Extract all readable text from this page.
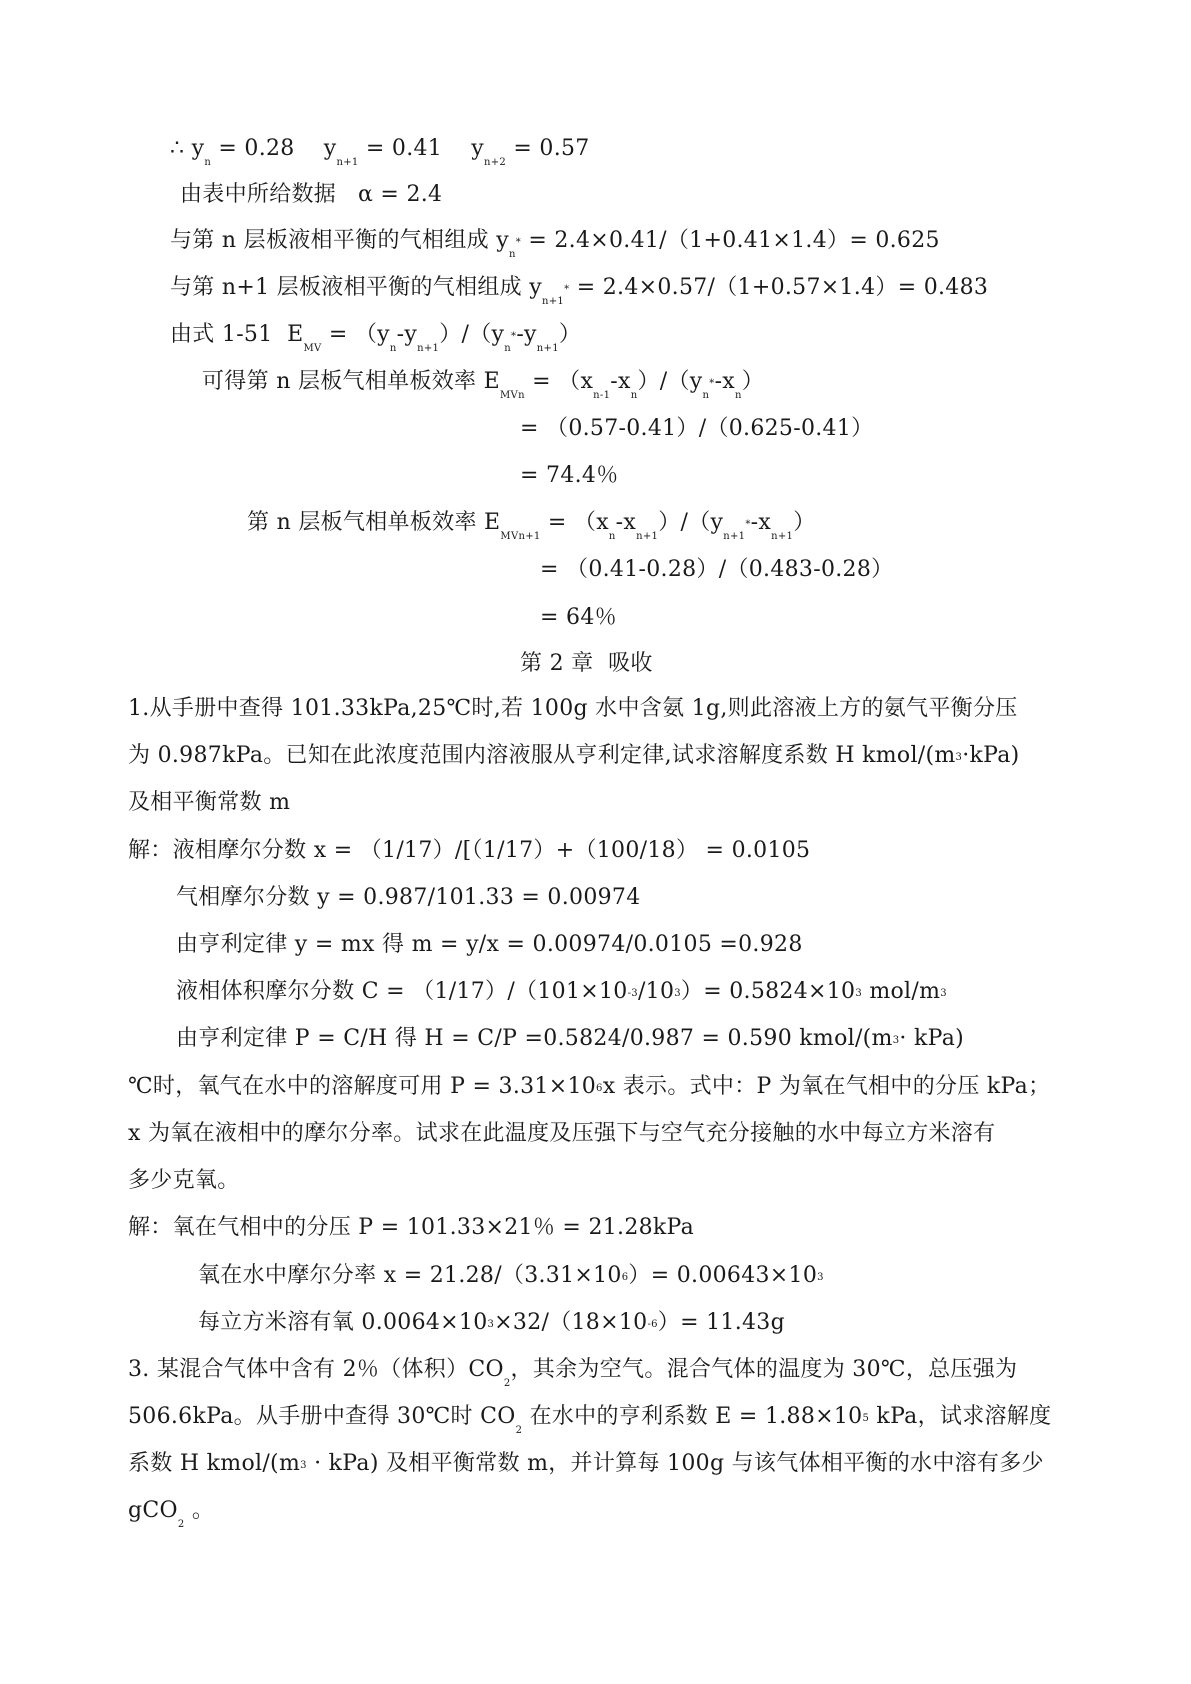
∴ $y_n = 0.28$    $y_{n+1} = 0.41$    $y_{n+2} = 0.57$
由表中所给数据   α = 2.4
与第 n 层板液相平衡的气相组成 $y_n^* = 2.4\times 0.41/(1+0.41\times 1.4)= 0.625$
与第 n+1 层板液相平衡的气相组成 $y_{n+1}^* = 2.4\times 0.57/(1+0.57\times 1.4)= 0.483$
由式 1-51  $E_{MV} = (y_n-y_{n+1})/(y_n^*-y_{n+1})$
可得第 n 层板气相单板效率 $E_{MVn} = (x_{n-1}-x_n)/(y_n^*-x_n)$
= （0.57-0.41）/（0.625-0.41）
= 74.4％
第 n 层板气相单板效率 $E_{MVn+1} = (x_n-x_{n+1})/(y_{n+1}^*-x_{n+1})$
= （0.41-0.28）/（0.483-0.28）
= 64％
第 2 章  吸收
1.从手册中查得 101.33kPa,25℃时,若 100g 水中含氨 1g,则此溶液上方的氨气平衡分压
为 0.987kPa。已知在此浓度范围内溶液服从亨利定律,试求溶解度系数 H kmol/$(m^3\cdot kPa)$
及相平衡常数 m
解：液相摩尔分数 x = （1/17）/[（1/17）+（100/18） = 0.0105
气相摩尔分数 y = 0.987/101.33 = 0.00974
由亨利定律 y = mx 得 m = y/x = 0.00974/0.0105 =0.928
液相体积摩尔分数 $C = (1/17)/(101\times 10^{-3}/10^3)= 0.5824\times 10^3$ mol/$m^3$
由亨利定律 P = C/H 得 H = C/P =0.5824/0.987 = 0.590 kmol/$(m^3\cdot kPa)$
℃时，氧气在水中的溶解度可用 $P = 3.31\times 10^6x$ 表示。式中：P 为氧在气相中的分压 kPa；
x 为氧在液相中的摩尔分率。试求在此温度及压强下与空气充分接触的水中每立方米溶有
多少克氧。
解：氧在气相中的分压 P = 101.33×21％ = 21.28kPa
氧在水中摩尔分率 $x = 21.28/(3.31\times 10^6)= 0.00643\times 10^3$
每立方米溶有氧 $0.0064\times 10^3\times 32/(18\times 10^{-6})= 11.43g$
3. 某混合气体中含有 2％（体积）$CO_2$，其余为空气。混合气体的温度为 30℃，总压强为
506.6kPa。从手册中查得 30℃时 $CO_2$ 在水中的亨利系数 $E = 1.88\times 10^5$ kPa，试求溶解度
系数 H kmol/$(m^3 \cdot kPa)$ 及相平衡常数 m，并计算每 100g 与该气体相平衡的水中溶有多少
gCO$_2$ 。
